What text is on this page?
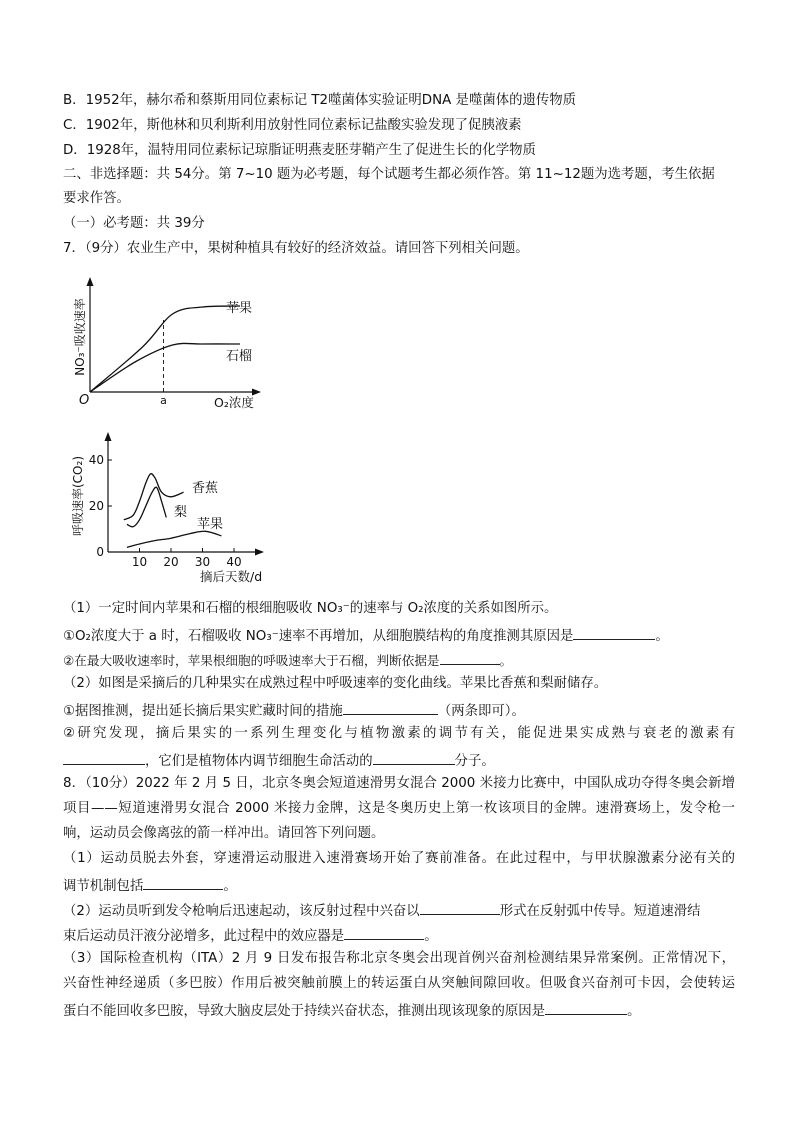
B．1952年，赫尔希和蔡斯用同位素标记 T2噬菌体实验证明DNA 是噬菌体的遗传物质
C．1902年，斯他林和贝利斯利用放射性同位素标记盐酸实验发现了促胰液素
D．1928年，温特用同位素标记琼脂证明燕麦胚芽鞘产生了促进生长的化学物质
二、非选择题：共 54分。第 7~10 题为必考题，每个试题考生都必须作答。第 11~12题为选考题，考生依据
要求作答。
（一）必考题：共 39分
7．（9分）农业生产中，果树种植具有较好的经济效益。请回答下列相关问题。
NO₃⁻吸收速率
O	O₂浓度
a
苹果
石榴
呼吸速率(CO₂)
0
20
40
10 20 30 40
摘后天数/d
香蕉
梨
苹果
（1）一定时间内苹果和石榴的根细胞吸收 NO₃⁻的速率与 O₂浓度的关系如图所示。
①O₂浓度大于 a 时，石榴吸收 NO₃⁻速率不再增加，从细胞膜结构的角度推测其原因是	。
②在最大吸收速率时，苹果根细胞的呼吸速率大于石榴，判断依据是	。
（2）如图是采摘后的几种果实在成熟过程中呼吸速率的变化曲线。苹果比香蕉和梨耐储存。
①据图推测，提出延长摘后果实贮藏时间的措施	（两条即可）。
②研究发现，摘后果实的一系列生理变化与植物激素的调节有关，能促进果实成熟与衰老的激素有
，它们是植物体内调节细胞生命活动的	分子。
8．（10分）2022 年 2 月 5 日，北京冬奥会短道速滑男女混合 2000 米接力比赛中，中国队成功夺得冬奥会新增
项目——短道速滑男女混合 2000 米接力金牌，这是冬奥历史上第一枚该项目的金牌。速滑赛场上，发令枪一
响，运动员会像离弦的箭一样冲出。请回答下列问题。
（1）运动员脱去外套，穿速滑运动服进入速滑赛场开始了赛前准备。在此过程中，与甲状腺激素分泌有关的
调节机制包括	。
（2）运动员听到发令枪响后迅速起动，该反射过程中兴奋以	形式在反射弧中传导。短道速滑结
束后运动员汗液分泌增多，此过程中的效应器是	。
（3）国际检查机构（ITA）2 月 9 日发布报告称北京冬奥会出现首例兴奋剂检测结果异常案例。正常情况下，
兴奋性神经递质（多巴胺）作用后被突触前膜上的转运蛋白从突触间隙回收。但吸食兴奋剂可卡因，会使转运
蛋白不能回收多巴胺，导致大脑皮层处于持续兴奋状态，推测出现该现象的原因是	。
